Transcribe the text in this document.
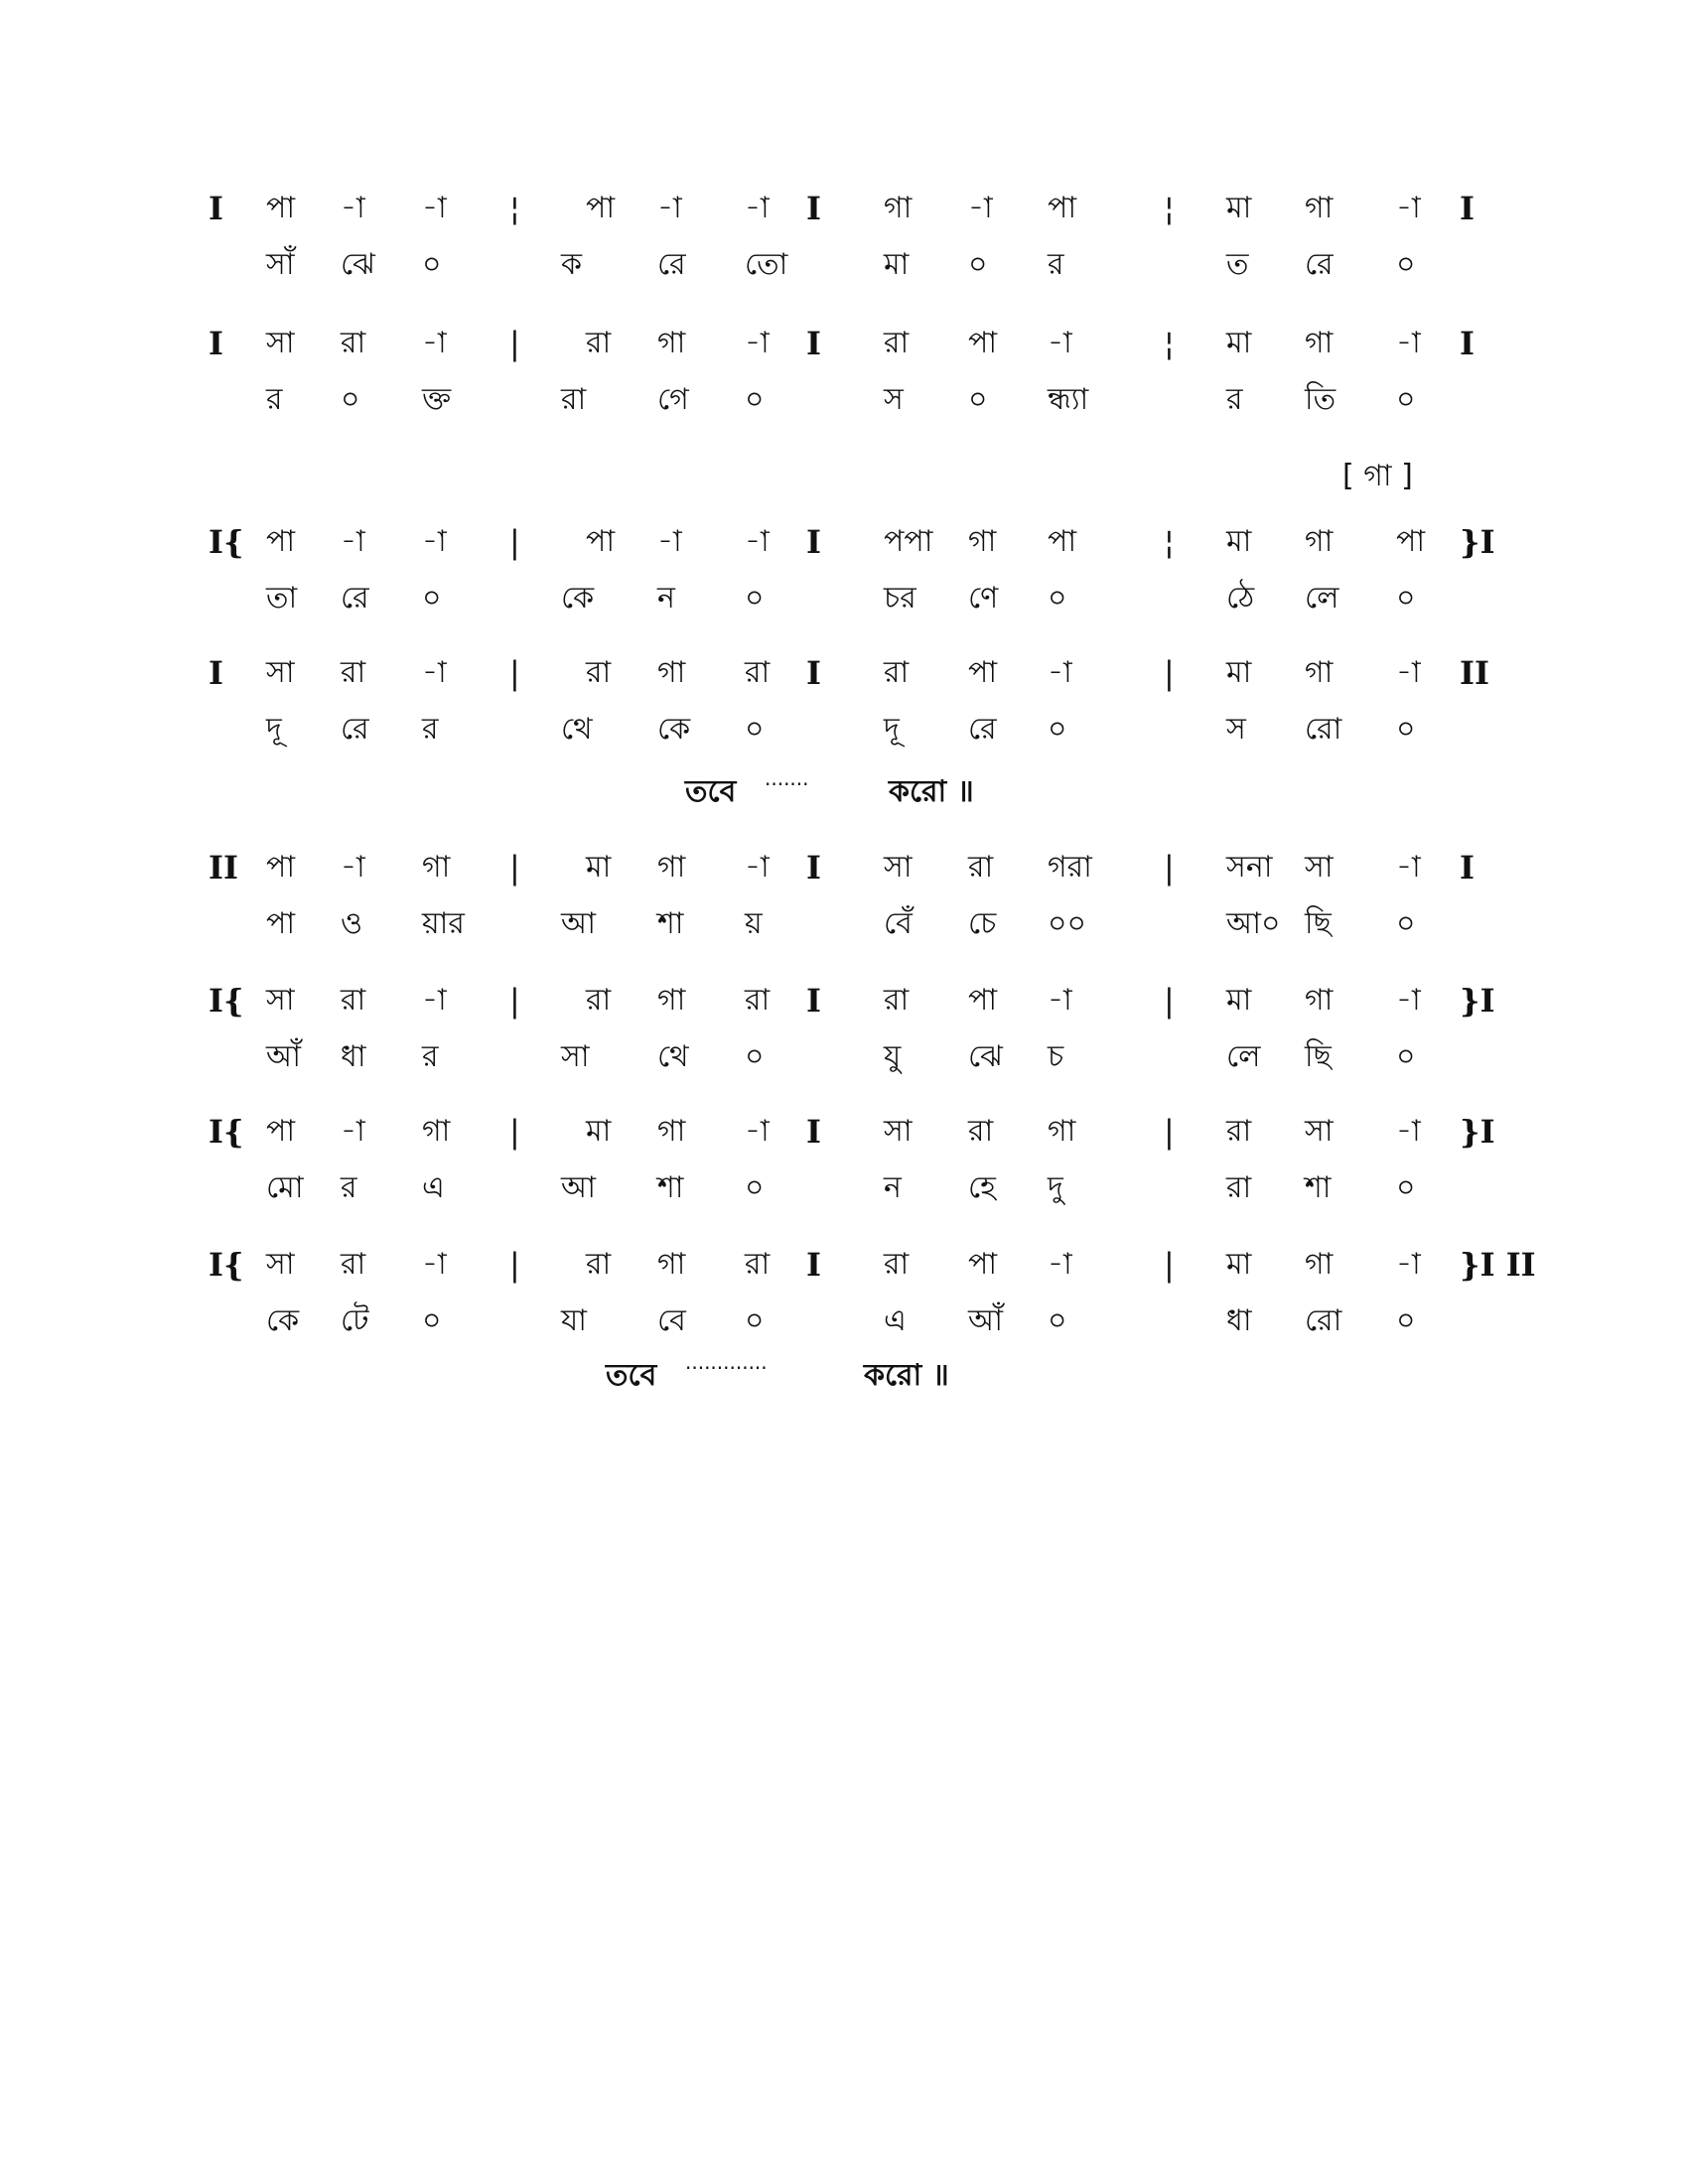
I পা -া -া ¦ পা -া -া I গা -া পা	¦ মা গা -া I
সাঁ ঝে ০	ক	রে তো	মা ০ র	ত রে ০
I সা রা -া | রা গা -া I রা পা -া	¦ মা গা -া I
র ০ ক্ত	রা গে ০	স ০ ন্ধ্যা	র তি ০
I{ পা -া -া | পা -া -া I পপা গা পা	¦ মা গা পা }I
তা রে ০	কে ন ০	চর ণে ০	ঠে লে ০
I সা রা -া | রা গা রা I রা পা -া	| মা গা -া II
দূ রে র	থে কে ০	দূ রে ০	স রো ০
II পা -া গা | মা গা -া I সা রা গরা | সনা সা -া I
পা ও য়ার	আ শা য়	বেঁ চে ০০	আ০ ছি ০
I{ সা রা -া | রা গা রা I রা পা -া	| মা গা -া }I
আঁ ধা র	সা থে ০	যু ঝে চ	লে ছি ০
I{ পা -া গা | মা গা -া I সা রা গা	| রা সা -া }I
মো র এ	আ শা ০	ন হে দু	রা শা ০
I{ সা রা -া | রা গা রা I রা পা -া	| মা গা -া }I II
কে টে ০	যা বে ০	এ আঁ ০	ধা রো ০
[ গা ]
তবে ·······	করো ॥
তবে ·············	করো ॥
